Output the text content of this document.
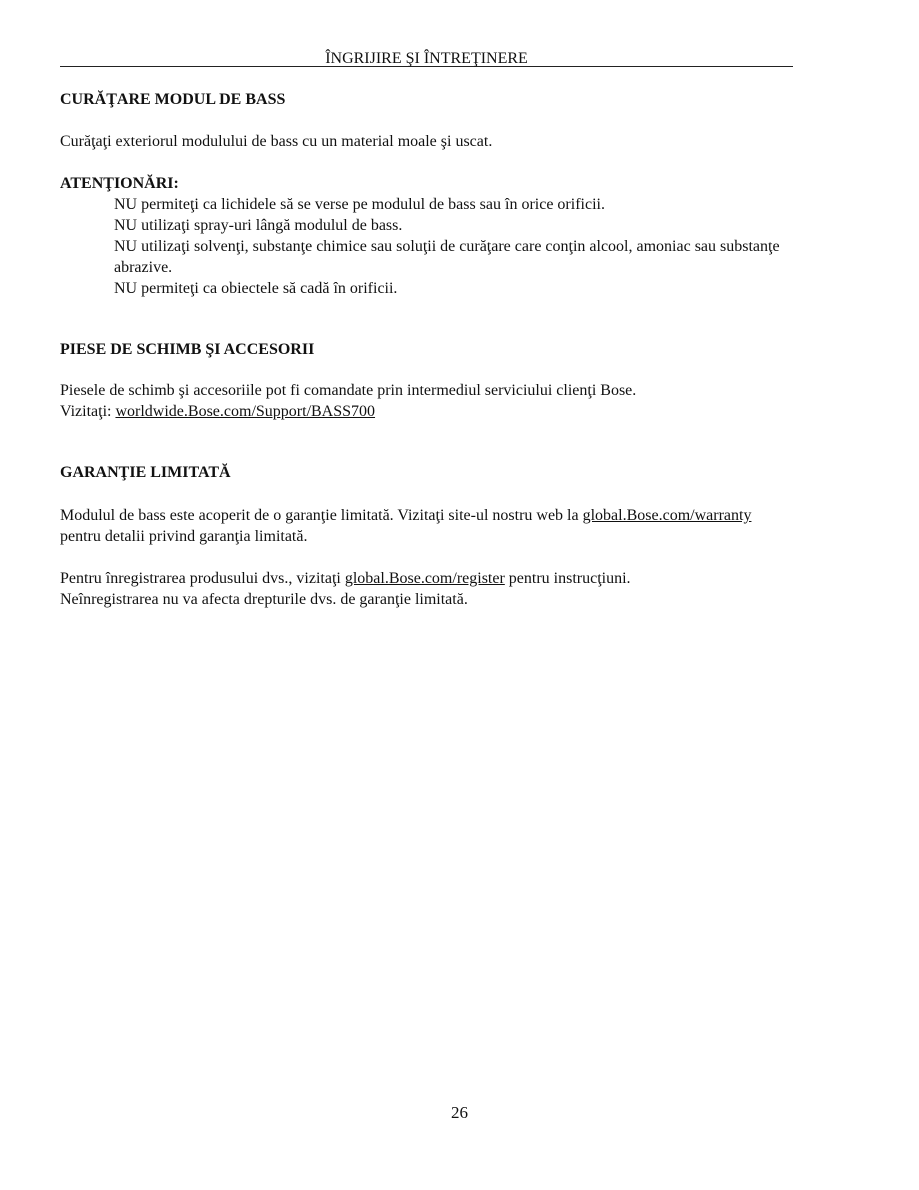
ÎNGRIJIRE ŞI ÎNTREŢINERE
CURĂŢARE MODUL DE BASS

Curăţaţi exteriorul modulului de bass cu un material moale şi uscat.

ATENŢIONĂRI:
NU permiteţi ca lichidele să se verse pe modulul de bass sau în orice orificii.
NU utilizaţi spray-uri lângă modulul de bass.
NU utilizaţi solvenţi, substanţe chimice sau soluţii de curăţare care conţin alcool, amoniac sau substanţe abrazive.
NU permiteţi ca obiectele să cadă în orificii.
PIESE DE SCHIMB ŞI ACCESORII

Piesele de schimb şi accesoriile pot fi comandate prin intermediul serviciului clienţi Bose.
Vizitaţi: worldwide.Bose.com/Support/BASS700

GARANŢIE LIMITATĂ

Modulul de bass este acoperit de o garanţie limitată. Vizitaţi site-ul nostru web la global.Bose.com/warranty
pentru detalii privind garanţia limitată.

Pentru înregistrarea produsului dvs., vizitaţi global.Bose.com/register pentru instrucţiuni.
Neînregistrarea nu va afecta drepturile dvs. de garanţie limitată.

26
